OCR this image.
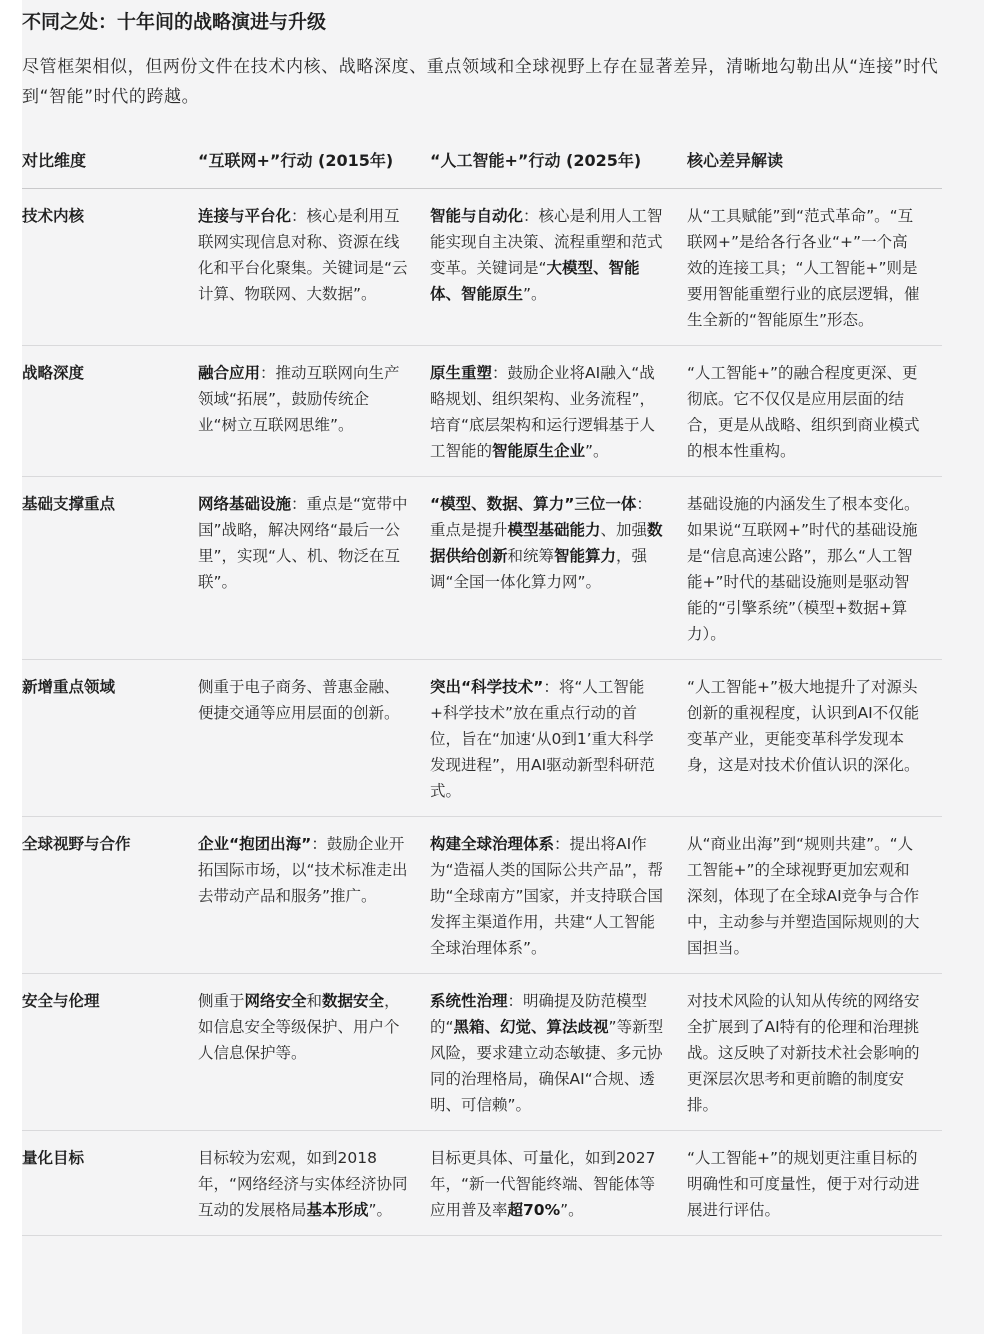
不同之处：十年间的战略演进与升级
尽管框架相似，但两份文件在技术内核、战略深度、重点领域和全球视野上存在显著差异，清晰地勾勒出从“连接”时代到“智能”时代的跨越。
对比维度	“互联网+”行动 (2015年)	“人工智能+”行动 (2025年)	核心差异解读
技术内核	连接与平台化：核心是利用互联网实现信息对称、资源在线化和平台化聚集。关键词是“云计算、物联网、大数据”。	智能与自动化：核心是利用人工智能实现自主决策、流程重塑和范式变革。关键词是“大模型、智能体、智能原生”。	从“工具赋能”到“范式革命”。“互联网+”是给各行各业“+”一个高效的连接工具；“人工智能+”则是要用智能重塑行业的底层逻辑，催生全新的“智能原生”形态。
战略深度	融合应用：推动互联网向生产领域“拓展”，鼓励传统企业“树立互联网思维”。	原生重塑：鼓励企业将AI融入“战略规划、组织架构、业务流程”，培育“底层架构和运行逻辑基于人工智能的智能原生企业”。	“人工智能+”的融合程度更深、更彻底。它不仅仅是应用层面的结合，更是从战略、组织到商业模式的根本性重构。
基础支撑重点	网络基础设施：重点是“宽带中国”战略，解决网络“最后一公里”，实现“人、机、物泛在互联”。	“模型、数据、算力”三位一体：重点是提升模型基础能力、加强数据供给创新和统筹智能算力，强调“全国一体化算力网”。	基础设施的内涵发生了根本变化。如果说“互联网+”时代的基础设施是“信息高速公路”，那么“人工智能+”时代的基础设施则是驱动智能的“引擎系统”（模型+数据+算力）。
新增重点领域	侧重于电子商务、普惠金融、便捷交通等应用层面的创新。	突出“科学技术”：将“人工智能+科学技术”放在重点行动的首位，旨在“加速‘从0到1’重大科学发现进程”，用AI驱动新型科研范式。	“人工智能+”极大地提升了对源头创新的重视程度，认识到AI不仅能变革产业，更能变革科学发现本身，这是对技术价值认识的深化。
全球视野与合作	企业“抱团出海”：鼓励企业开拓国际市场，以“技术标准走出去带动产品和服务”推广。	构建全球治理体系：提出将AI作为“造福人类的国际公共产品”，帮助“全球南方”国家，并支持联合国发挥主渠道作用，共建“人工智能全球治理体系”。	从“商业出海”到“规则共建”。“人工智能+”的全球视野更加宏观和深刻，体现了在全球AI竞争与合作中，主动参与并塑造国际规则的大国担当。
安全与伦理	侧重于网络安全和数据安全，如信息安全等级保护、用户个人信息保护等。	系统性治理：明确提及防范模型的“黑箱、幻觉、算法歧视”等新型风险，要求建立动态敏捷、多元协同的治理格局，确保AI“合规、透明、可信赖”。	对技术风险的认知从传统的网络安全扩展到了AI特有的伦理和治理挑战。这反映了对新技术社会影响的更深层次思考和更前瞻的制度安排。
量化目标	目标较为宏观，如到2018年，“网络经济与实体经济协同互动的发展格局基本形成”。	目标更具体、可量化，如到2027年，“新一代智能终端、智能体等应用普及率超70%”。	“人工智能+”的规划更注重目标的明确性和可度量性，便于对行动进展进行评估。
